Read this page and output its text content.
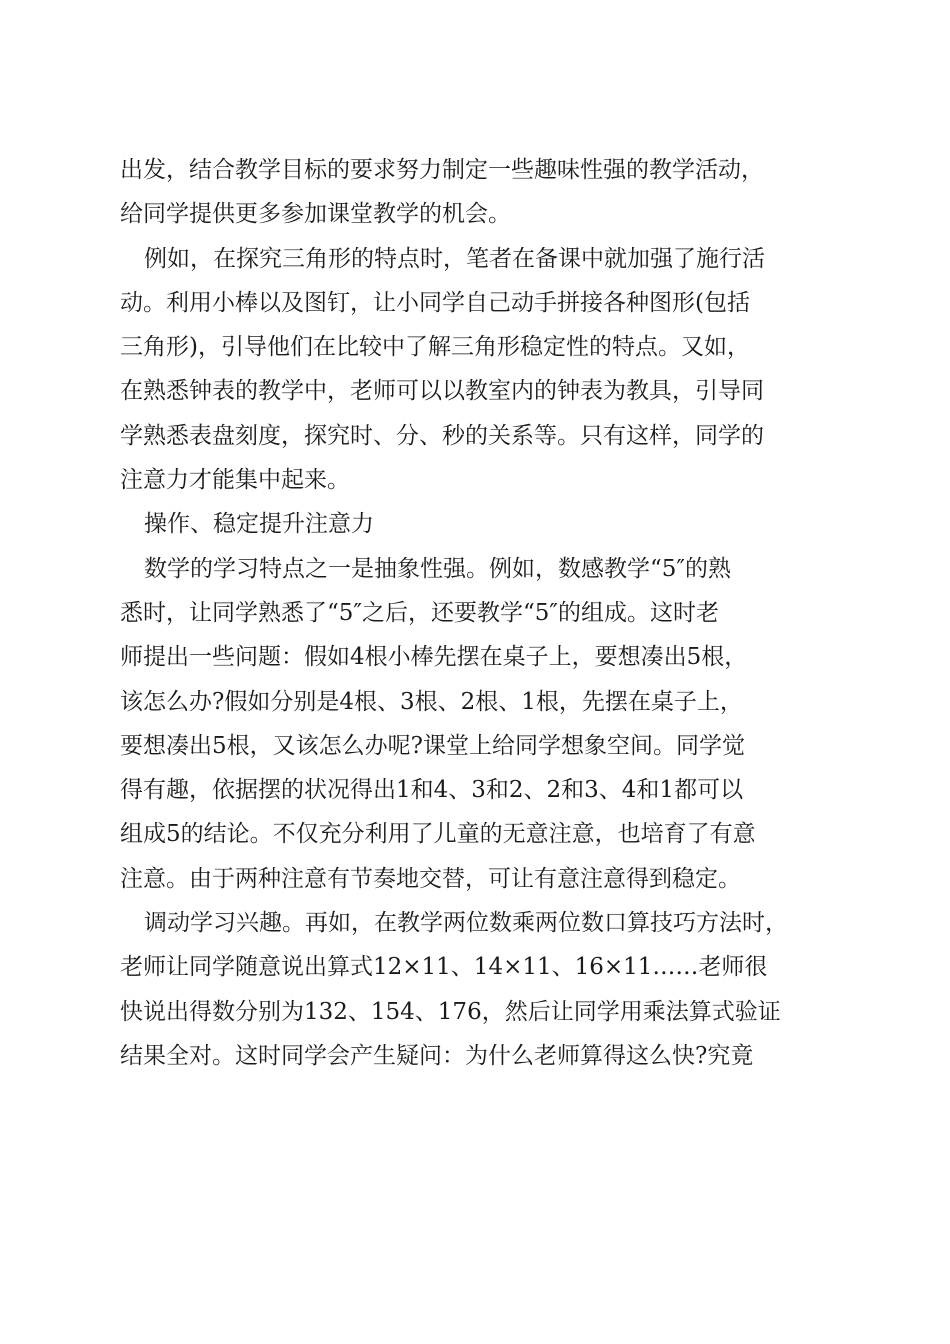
出发，结合教学目标的要求努力制定一些趣味性强的教学活动，
给同学提供更多参加课堂教学的机会。
例如，在探究三角形的特点时，笔者在备课中就加强了施行活
动。利用小棒以及图钉，让小同学自己动手拼接各种图形(包括
三角形)，引导他们在比较中了解三角形稳定性的特点。又如，
在熟悉钟表的教学中，老师可以以教室内的钟表为教具，引导同
学熟悉表盘刻度，探究时、分、秒的关系等。只有这样，同学的
注意力才能集中起来。
操作、稳定提升注意力
数学的学习特点之一是抽象性强。例如，数感教学“5″的熟
悉时，让同学熟悉了“5″之后，还要教学“5″的组成。这时老
师提出一些问题：假如4根小棒先摆在桌子上，要想凑出5根，
该怎么办?假如分别是4根、3根、2根、1根，先摆在桌子上，
要想凑出5根，又该怎么办呢?课堂上给同学想象空间。同学觉
得有趣，依据摆的状况得出1和4、3和2、2和3、4和1都可以
组成5的结论。不仅充分利用了儿童的无意注意，也培育了有意
注意。由于两种注意有节奏地交替，可让有意注意得到稳定。
调动学习兴趣。再如，在教学两位数乘两位数口算技巧方法时，
老师让同学随意说出算式12×11、14×11、16×11……老师很
快说出得数分别为132、154、176，然后让同学用乘法算式验证
结果全对。这时同学会产生疑问：为什么老师算得这么快?究竟
